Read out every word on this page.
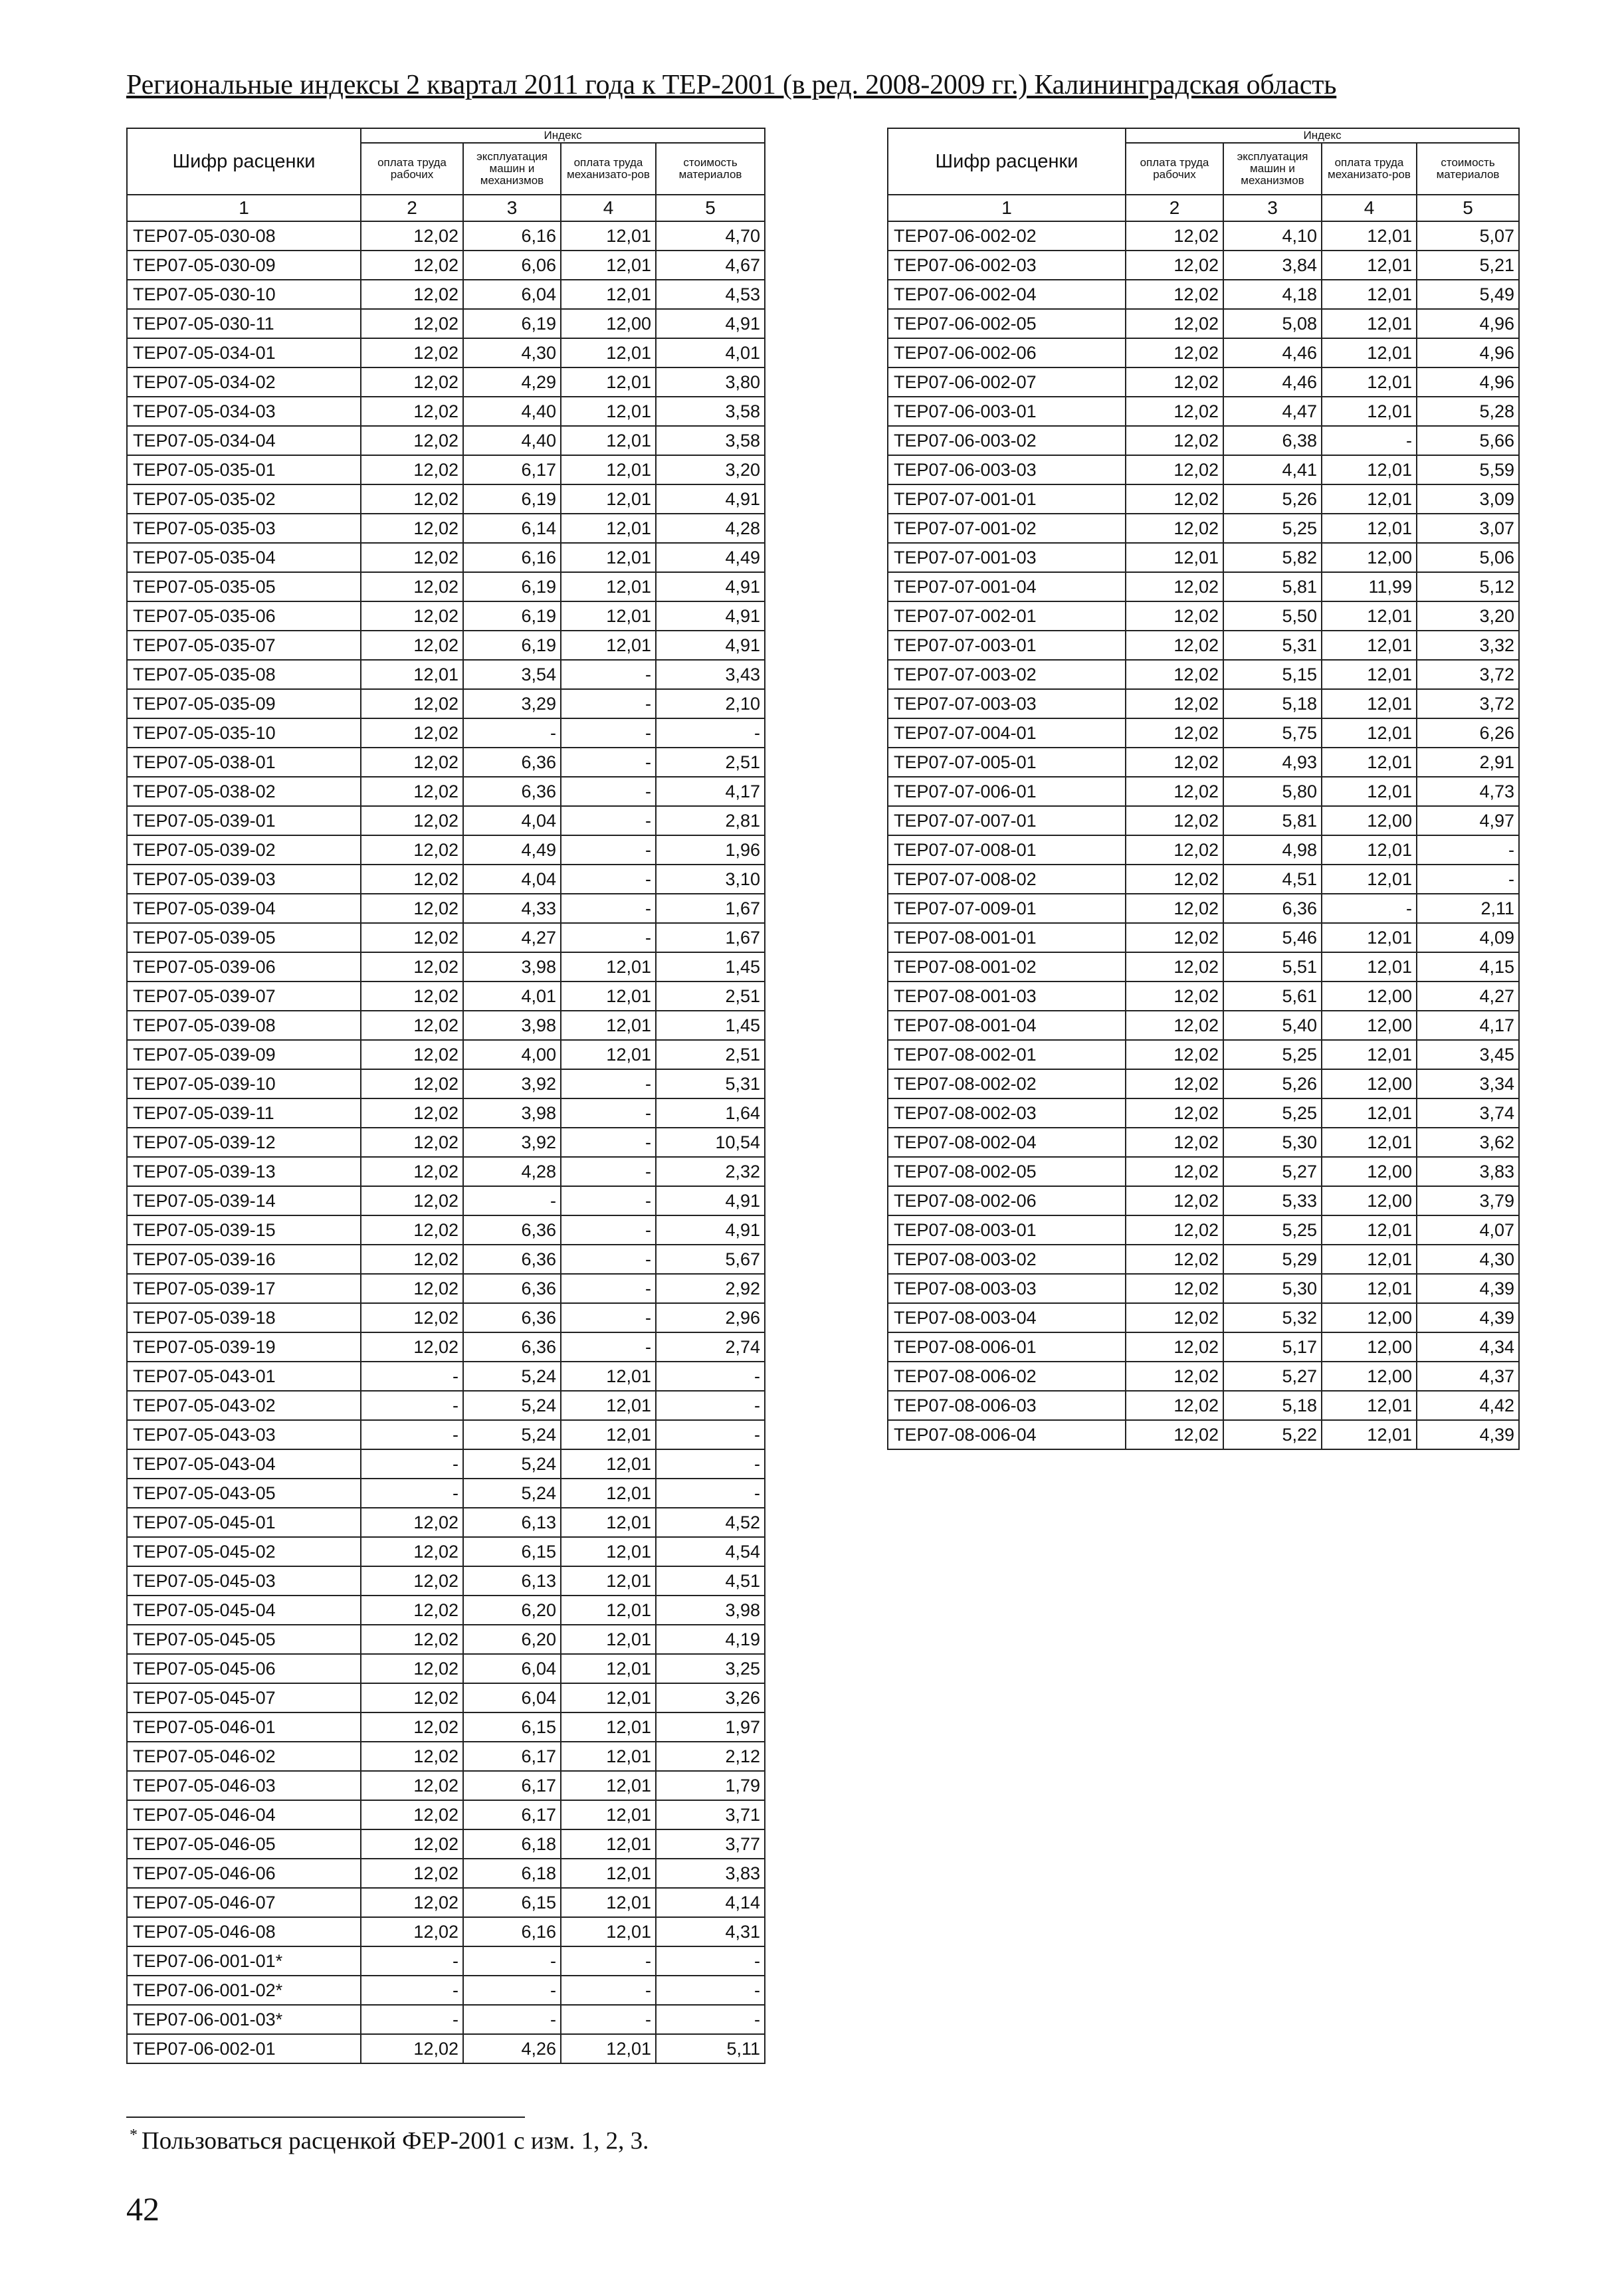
Региональные индексы 2 квартал 2011 года к ТЕР-2001 (в ред. 2008-2009 гг.) Калининградская область
Шифр расценки	Индекс			
	оплата труда рабочих	эксплуатация машин и механизмов	оплата труда механизато-ров	стоимость материалов
1	2	3	4	5
ТЕР07-05-030-08	12,02	6,16	12,01	4,70
ТЕР07-05-030-09	12,02	6,06	12,01	4,67
ТЕР07-05-030-10	12,02	6,04	12,01	4,53
ТЕР07-05-030-11	12,02	6,19	12,00	4,91
ТЕР07-05-034-01	12,02	4,30	12,01	4,01
ТЕР07-05-034-02	12,02	4,29	12,01	3,80
ТЕР07-05-034-03	12,02	4,40	12,01	3,58
ТЕР07-05-034-04	12,02	4,40	12,01	3,58
ТЕР07-05-035-01	12,02	6,17	12,01	3,20
ТЕР07-05-035-02	12,02	6,19	12,01	4,91
ТЕР07-05-035-03	12,02	6,14	12,01	4,28
ТЕР07-05-035-04	12,02	6,16	12,01	4,49
ТЕР07-05-035-05	12,02	6,19	12,01	4,91
ТЕР07-05-035-06	12,02	6,19	12,01	4,91
ТЕР07-05-035-07	12,02	6,19	12,01	4,91
ТЕР07-05-035-08	12,01	3,54	-	3,43
ТЕР07-05-035-09	12,02	3,29	-	2,10
ТЕР07-05-035-10	12,02	-	-	-
ТЕР07-05-038-01	12,02	6,36	-	2,51
ТЕР07-05-038-02	12,02	6,36	-	4,17
ТЕР07-05-039-01	12,02	4,04	-	2,81
ТЕР07-05-039-02	12,02	4,49	-	1,96
ТЕР07-05-039-03	12,02	4,04	-	3,10
ТЕР07-05-039-04	12,02	4,33	-	1,67
ТЕР07-05-039-05	12,02	4,27	-	1,67
ТЕР07-05-039-06	12,02	3,98	12,01	1,45
ТЕР07-05-039-07	12,02	4,01	12,01	2,51
ТЕР07-05-039-08	12,02	3,98	12,01	1,45
ТЕР07-05-039-09	12,02	4,00	12,01	2,51
ТЕР07-05-039-10	12,02	3,92	-	5,31
ТЕР07-05-039-11	12,02	3,98	-	1,64
ТЕР07-05-039-12	12,02	3,92	-	10,54
ТЕР07-05-039-13	12,02	4,28	-	2,32
ТЕР07-05-039-14	12,02	-	-	4,91
ТЕР07-05-039-15	12,02	6,36	-	4,91
ТЕР07-05-039-16	12,02	6,36	-	5,67
ТЕР07-05-039-17	12,02	6,36	-	2,92
ТЕР07-05-039-18	12,02	6,36	-	2,96
ТЕР07-05-039-19	12,02	6,36	-	2,74
ТЕР07-05-043-01	-	5,24	12,01	-
ТЕР07-05-043-02	-	5,24	12,01	-
ТЕР07-05-043-03	-	5,24	12,01	-
ТЕР07-05-043-04	-	5,24	12,01	-
ТЕР07-05-043-05	-	5,24	12,01	-
ТЕР07-05-045-01	12,02	6,13	12,01	4,52
ТЕР07-05-045-02	12,02	6,15	12,01	4,54
ТЕР07-05-045-03	12,02	6,13	12,01	4,51
ТЕР07-05-045-04	12,02	6,20	12,01	3,98
ТЕР07-05-045-05	12,02	6,20	12,01	4,19
ТЕР07-05-045-06	12,02	6,04	12,01	3,25
ТЕР07-05-045-07	12,02	6,04	12,01	3,26
ТЕР07-05-046-01	12,02	6,15	12,01	1,97
ТЕР07-05-046-02	12,02	6,17	12,01	2,12
ТЕР07-05-046-03	12,02	6,17	12,01	1,79
ТЕР07-05-046-04	12,02	6,17	12,01	3,71
ТЕР07-05-046-05	12,02	6,18	12,01	3,77
ТЕР07-05-046-06	12,02	6,18	12,01	3,83
ТЕР07-05-046-07	12,02	6,15	12,01	4,14
ТЕР07-05-046-08	12,02	6,16	12,01	4,31
ТЕР07-06-001-01*	-	-	-	-
ТЕР07-06-001-02*	-	-	-	-
ТЕР07-06-001-03*	-	-	-	-
ТЕР07-06-002-01	12,02	4,26	12,01	5,11
Шифр расценки	Индекс			
	оплата труда рабочих	эксплуатация машин и механизмов	оплата труда механизато-ров	стоимость материалов
1	2	3	4	5
ТЕР07-06-002-02	12,02	4,10	12,01	5,07
ТЕР07-06-002-03	12,02	3,84	12,01	5,21
ТЕР07-06-002-04	12,02	4,18	12,01	5,49
ТЕР07-06-002-05	12,02	5,08	12,01	4,96
ТЕР07-06-002-06	12,02	4,46	12,01	4,96
ТЕР07-06-002-07	12,02	4,46	12,01	4,96
ТЕР07-06-003-01	12,02	4,47	12,01	5,28
ТЕР07-06-003-02	12,02	6,38	-	5,66
ТЕР07-06-003-03	12,02	4,41	12,01	5,59
ТЕР07-07-001-01	12,02	5,26	12,01	3,09
ТЕР07-07-001-02	12,02	5,25	12,01	3,07
ТЕР07-07-001-03	12,01	5,82	12,00	5,06
ТЕР07-07-001-04	12,02	5,81	11,99	5,12
ТЕР07-07-002-01	12,02	5,50	12,01	3,20
ТЕР07-07-003-01	12,02	5,31	12,01	3,32
ТЕР07-07-003-02	12,02	5,15	12,01	3,72
ТЕР07-07-003-03	12,02	5,18	12,01	3,72
ТЕР07-07-004-01	12,02	5,75	12,01	6,26
ТЕР07-07-005-01	12,02	4,93	12,01	2,91
ТЕР07-07-006-01	12,02	5,80	12,01	4,73
ТЕР07-07-007-01	12,02	5,81	12,00	4,97
ТЕР07-07-008-01	12,02	4,98	12,01	-
ТЕР07-07-008-02	12,02	4,51	12,01	-
ТЕР07-07-009-01	12,02	6,36	-	2,11
ТЕР07-08-001-01	12,02	5,46	12,01	4,09
ТЕР07-08-001-02	12,02	5,51	12,01	4,15
ТЕР07-08-001-03	12,02	5,61	12,00	4,27
ТЕР07-08-001-04	12,02	5,40	12,00	4,17
ТЕР07-08-002-01	12,02	5,25	12,01	3,45
ТЕР07-08-002-02	12,02	5,26	12,00	3,34
ТЕР07-08-002-03	12,02	5,25	12,01	3,74
ТЕР07-08-002-04	12,02	5,30	12,01	3,62
ТЕР07-08-002-05	12,02	5,27	12,00	3,83
ТЕР07-08-002-06	12,02	5,33	12,00	3,79
ТЕР07-08-003-01	12,02	5,25	12,01	4,07
ТЕР07-08-003-02	12,02	5,29	12,01	4,30
ТЕР07-08-003-03	12,02	5,30	12,01	4,39
ТЕР07-08-003-04	12,02	5,32	12,00	4,39
ТЕР07-08-006-01	12,02	5,17	12,00	4,34
ТЕР07-08-006-02	12,02	5,27	12,00	4,37
ТЕР07-08-006-03	12,02	5,18	12,01	4,42
ТЕР07-08-006-04	12,02	5,22	12,01	4,39
* Пользоваться расценкой ФЕР-2001 с изм. 1, 2, 3.
42
